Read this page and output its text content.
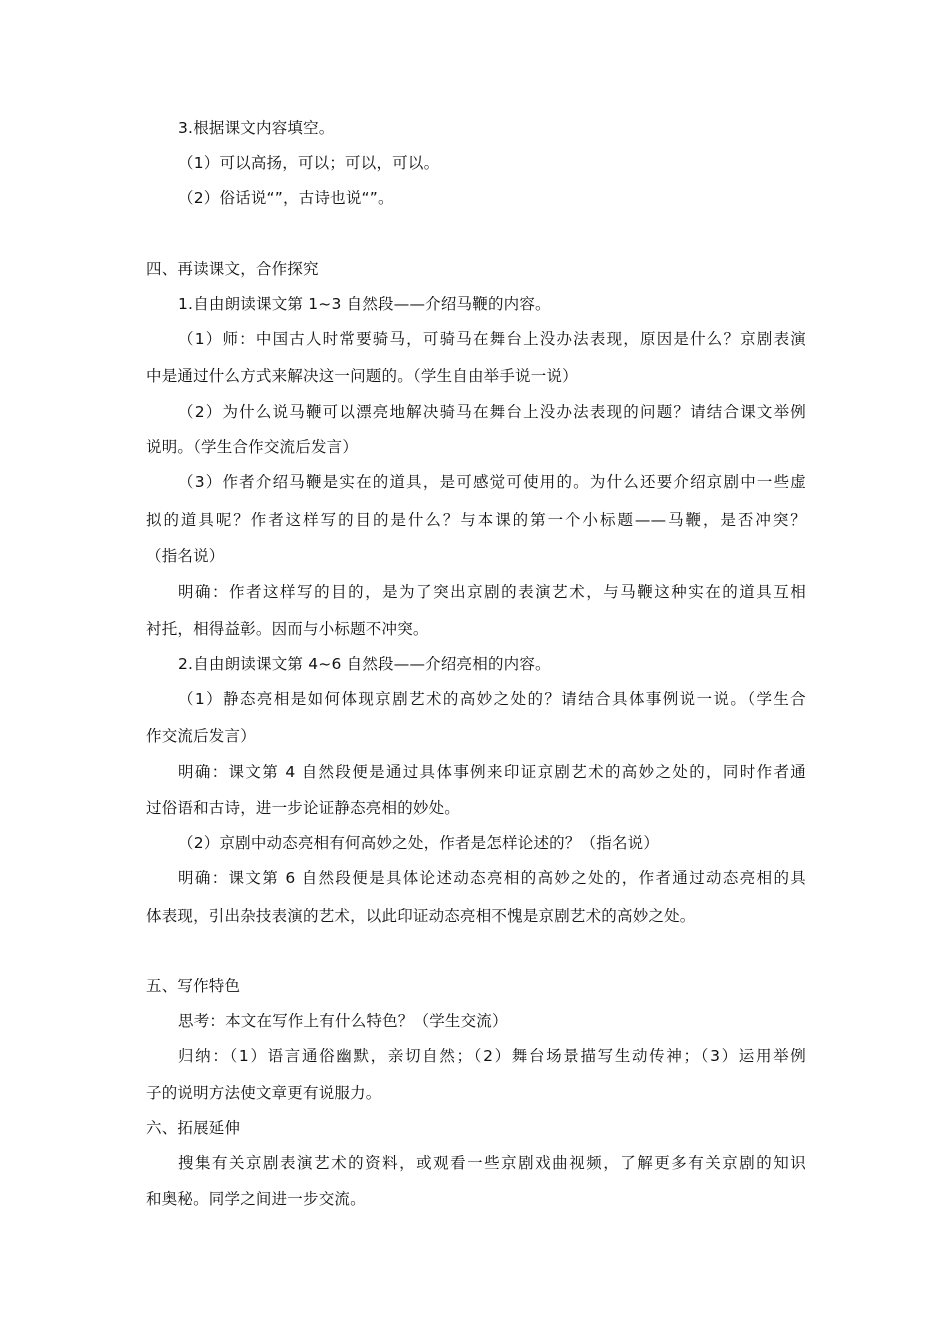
3.根据课文内容填空。
（1）可以高扬，可以；可以，可以。
（2）俗话说“”，古诗也说“”。
四、再读课文，合作探究
1.自由朗读课文第 1~3 自然段——介绍马鞭的内容。
（1）师：中国古人时常要骑马，可骑马在舞台上没办法表现，原因是什么？京剧表演
中是通过什么方式来解决这一问题的。（学生自由举手说一说）
（2）为什么说马鞭可以漂亮地解决骑马在舞台上没办法表现的问题？请结合课文举例
说明。（学生合作交流后发言）
（3）作者介绍马鞭是实在的道具，是可感觉可使用的。为什么还要介绍京剧中一些虚
拟的道具呢？作者这样写的目的是什么？与本课的第一个小标题——马鞭，是否冲突？
（指名说）
明确：作者这样写的目的，是为了突出京剧的表演艺术，与马鞭这种实在的道具互相
衬托，相得益彰。因而与小标题不冲突。
2.自由朗读课文第 4~6 自然段——介绍亮相的内容。
（1）静态亮相是如何体现京剧艺术的高妙之处的？请结合具体事例说一说。（学生合
作交流后发言）
明确：课文第 4 自然段便是通过具体事例来印证京剧艺术的高妙之处的，同时作者通
过俗语和古诗，进一步论证静态亮相的妙处。
（2）京剧中动态亮相有何高妙之处，作者是怎样论述的？（指名说）
明确：课文第 6 自然段便是具体论述动态亮相的高妙之处的，作者通过动态亮相的具
体表现，引出杂技表演的艺术，以此印证动态亮相不愧是京剧艺术的高妙之处。
五、写作特色
思考：本文在写作上有什么特色？（学生交流）
归纳：（1）语言通俗幽默，亲切自然；（2）舞台场景描写生动传神；（3）运用举例
子的说明方法使文章更有说服力。
六、拓展延伸
搜集有关京剧表演艺术的资料，或观看一些京剧戏曲视频，了解更多有关京剧的知识
和奥秘。同学之间进一步交流。
